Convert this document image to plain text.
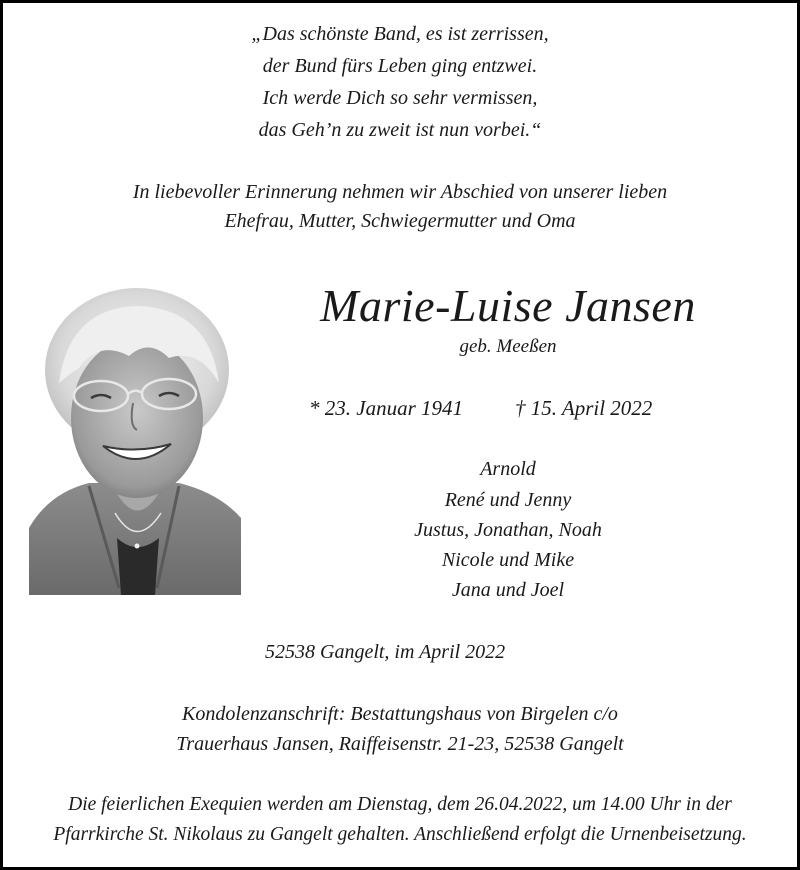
„Das schönste Band, es ist zerrissen,
der Bund fürs Leben ging entzwei.
Ich werde Dich so sehr vermissen,
das Geh’n zu zweit ist nun vorbei.“
In liebevoller Erinnerung nehmen wir Abschied von unserer lieben
Ehefrau, Mutter, Schwiegermutter und Oma
Marie-Luise Jansen
geb. Meeßen
* 23. Januar 1941 † 15. April 2022
Arnold
René und Jenny
Justus, Jonathan, Noah
Nicole und Mike
Jana und Joel
52538 Gangelt, im April 2022
Kondolenzanschrift: Bestattungshaus von Birgelen c/o
Trauerhaus Jansen, Raiffeisenstr. 21-23, 52538 Gangelt
Die feierlichen Exequien werden am Dienstag, dem 26.04.2022, um 14.00 Uhr in der
Pfarrkirche St. Nikolaus zu Gangelt gehalten. Anschließend erfolgt die Urnenbeisetzung.
